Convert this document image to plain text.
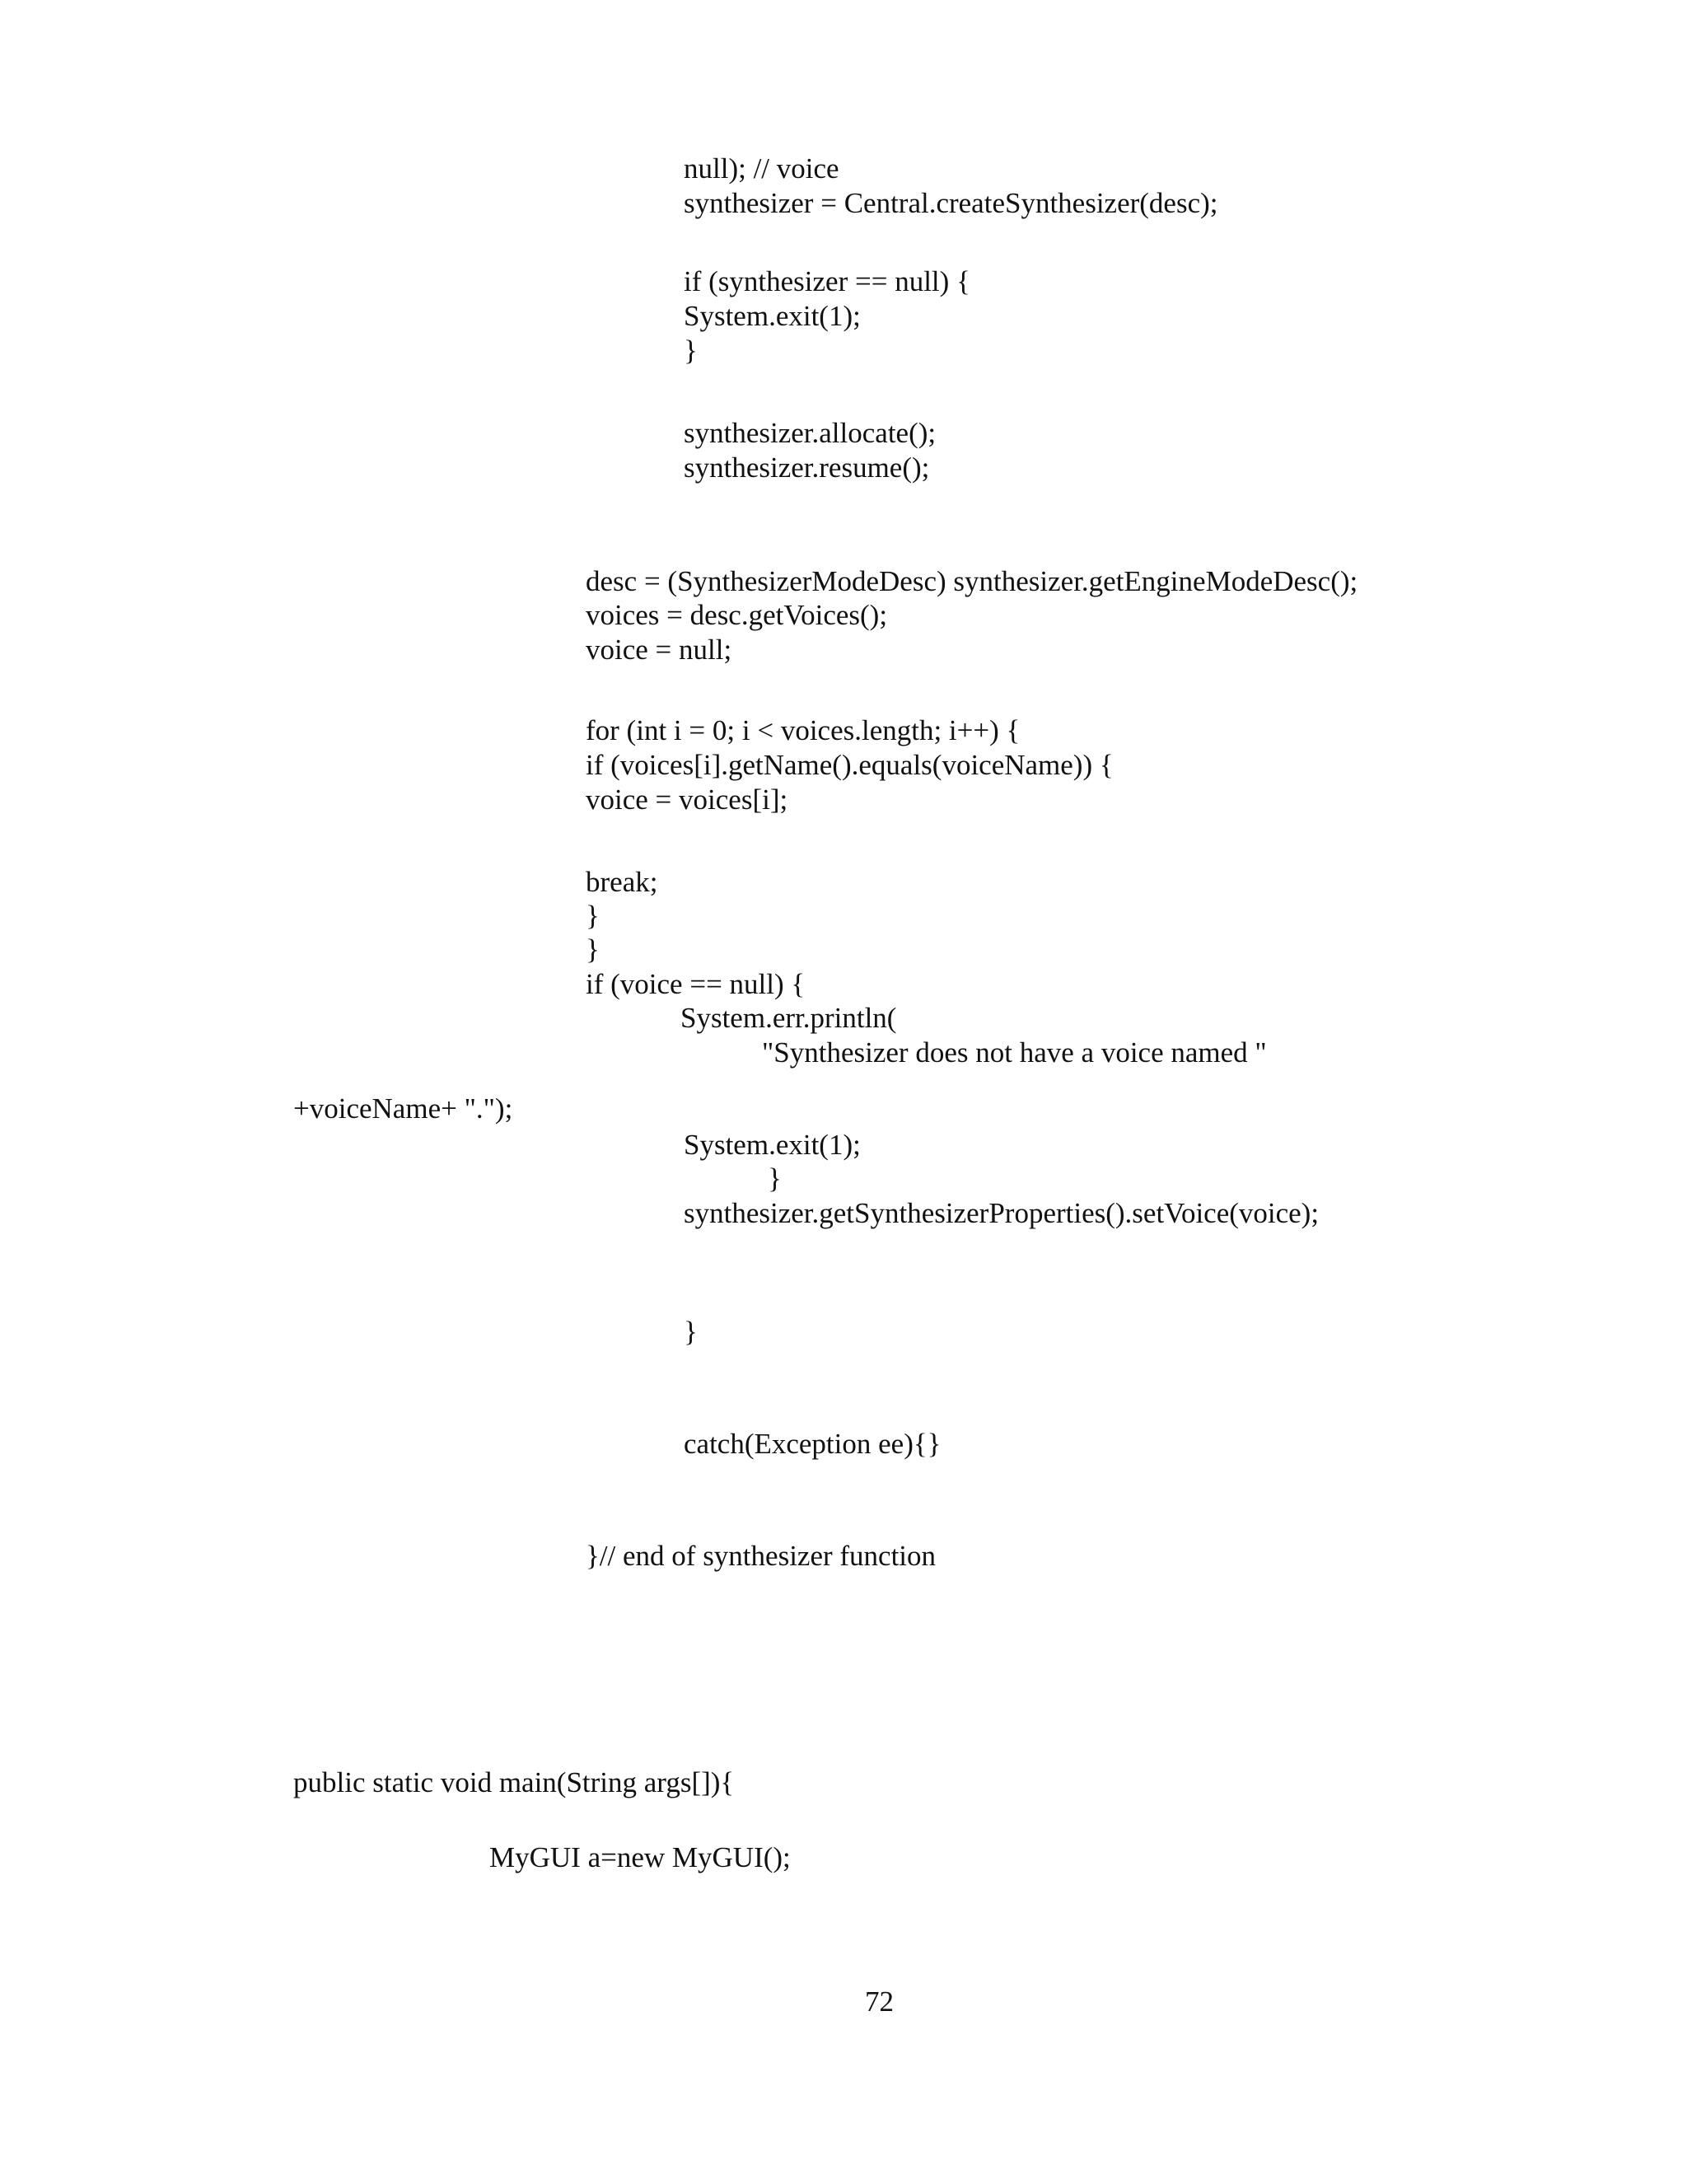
null); // voice
synthesizer = Central.createSynthesizer(desc);
if (synthesizer == null) {
System.exit(1);
}
synthesizer.allocate();
synthesizer.resume();
desc = (SynthesizerModeDesc) synthesizer.getEngineModeDesc();
voices = desc.getVoices();
voice = null;
for (int i = 0; i < voices.length; i++) {
if (voices[i].getName().equals(voiceName)) {
voice = voices[i];
break;
}
}
if (voice == null) {
System.err.println(
"Synthesizer does not have a voice named "
+voiceName+ ".");
System.exit(1);
}
synthesizer.getSynthesizerProperties().setVoice(voice);
}
catch(Exception ee){}
}// end of synthesizer function
public static void main(String args[]){
MyGUI a=new MyGUI();
72
